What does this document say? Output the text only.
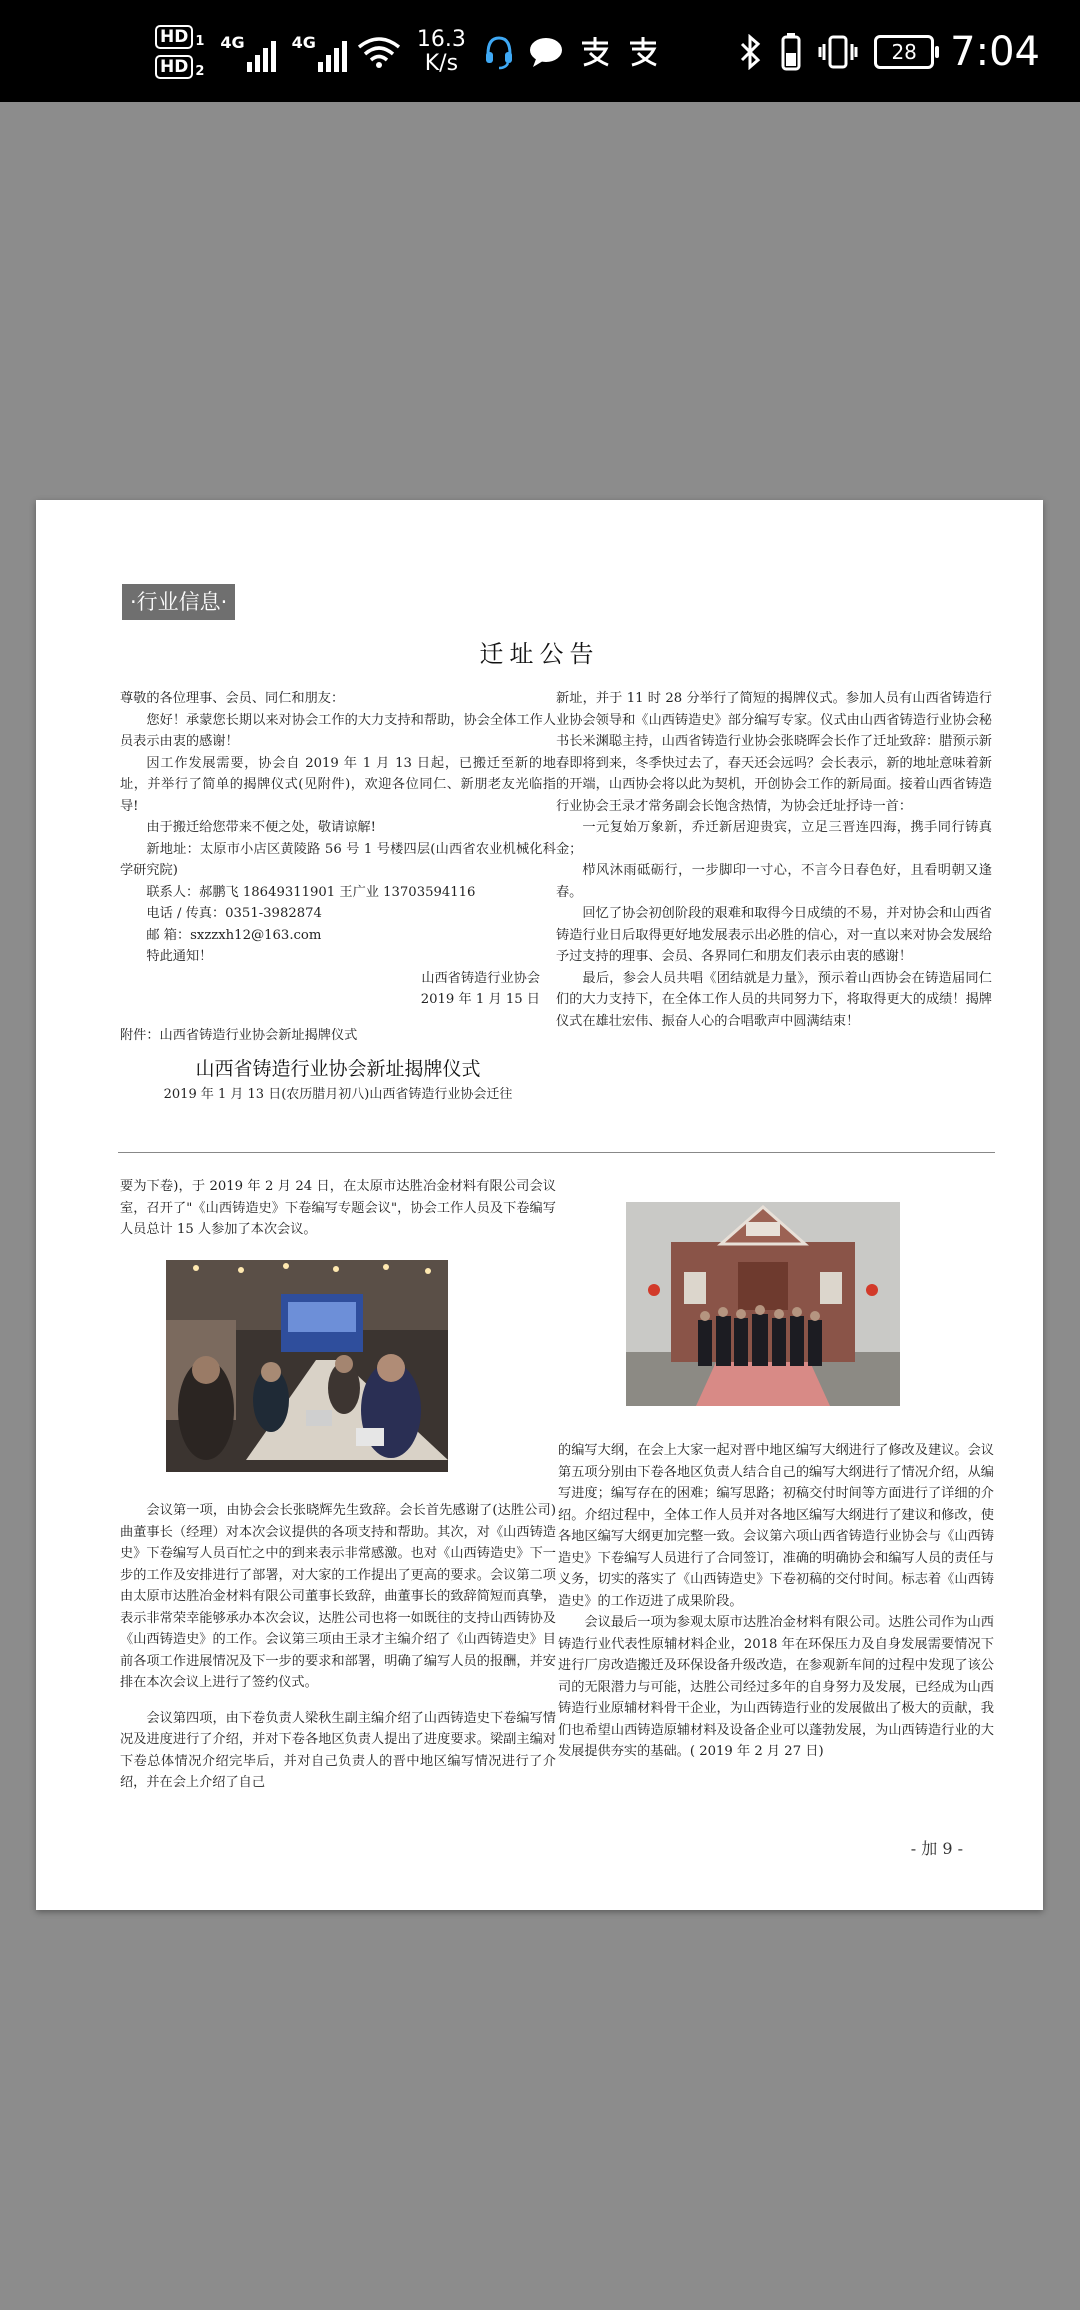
HD 1
HD 2
4G	4G	16.3
K/s	28 7:04
·行业信息·
迁址公告

尊敬的各位理事、会员、同仁和朋友：

您好！承蒙您长期以来对协会工作的大力支持和帮助，协会全体工作人员表示由衷的感谢！

因工作发展需要，协会自 2019 年 1 月 13 日起，已搬迁至新的地址，并举行了简单的揭牌仪式(见附件)，欢迎各位同仁、新朋老友光临指导!

由于搬迁给您带来不便之处，敬请谅解!

新地址：太原市小店区黄陵路 56 号 1 号楼四层(山西省农业机械化科学研究院)

联系人：郝鹏飞 18649311901 王广业 13703594116

电话 / 传真：0351-3982874

邮 箱：sxzzxh12@163.com

特此通知！

山西省铸造行业协会

2019 年 1 月 15 日

附件：山西省铸造行业协会新址揭牌仪式

山西省铸造行业协会新址揭牌仪式

2019 年 1 月 13 日(农历腊月初八)山西省铸造行业协会迁往

新址，并于 11 时 28 分举行了简短的揭牌仪式。参加人员有山西省铸造行业协会领导和《山西铸造史》部分编写专家。仪式由山西省铸造行业协会秘书长米渊聪主持，山西省铸造行业协会张晓晖会长作了迁址致辞：腊预示新春即将到来，冬季快过去了，春天还会远吗？会长表示，新的地址意味着新的开端，山西协会将以此为契机，开创协会工作的新局面。接着山西省铸造行业协会王录才常务副会长饱含热情，为协会迁址抒诗一首：

一元复始万象新，乔迁新居迎贵宾，立足三晋连四海，携手同行铸真金；

栉风沐雨砥砺行，一步脚印一寸心，不言今日春色好，且看明朝又逢春。

回忆了协会初创阶段的艰难和取得今日成绩的不易，并对协会和山西省铸造行业日后取得更好地发展表示出必胜的信心，对一直以来对协会发展给予过支持的理事、会员、各界同仁和朋友们表示由衷的感谢！

最后，参会人员共唱《团结就是力量》，预示着山西协会在铸造届同仁们的大力支持下，在全体工作人员的共同努力下，将取得更大的成绩！揭牌仪式在雄壮宏伟、振奋人心的合唱歌声中圆满结束！

要为下卷)，于 2019 年 2 月 24 日，在太原市达胜冶金材料有限公司会议室，召开了"《山西铸造史》下卷编写专题会议"，协会工作人员及下卷编写人员总计 15 人参加了本次会议。

会议第一项，由协会会长张晓辉先生致辞。会长首先感谢了(达胜公司)曲董事长（经理）对本次会议提供的各项支持和帮助。其次，对《山西铸造史》下卷编写人员百忙之中的到来表示非常感激。也对《山西铸造史》下一步的工作及安排进行了部署，对大家的工作提出了更高的要求。会议第二项由太原市达胜冶金材料有限公司董事长致辞，曲董事长的致辞简短而真挚，表示非常荣幸能够承办本次会议，达胜公司也将一如既往的支持山西铸协及《山西铸造史》的工作。会议第三项由王录才主编介绍了《山西铸造史》目前各项工作进展情况及下一步的要求和部署，明确了编写人员的报酬，并安排在本次会议上进行了签约仪式。

会议第四项，由下卷负责人梁秋生副主编介绍了山西铸造史下卷编写情况及进度进行了介绍，并对下卷各地区负责人提出了进度要求。梁副主编对下卷总体情况介绍完毕后，并对自己负责人的晋中地区编写情况进行了介绍，并在会上介绍了自己

的编写大纲，在会上大家一起对晋中地区编写大纲进行了修改及建议。会议第五项分别由下卷各地区负责人结合自己的编写大纲进行了情况介绍，从编写进度；编写存在的困难；编写思路；初稿交付时间等方面进行了详细的介绍。介绍过程中，全体工作人员并对各地区编写大纲进行了建议和修改，使各地区编写大纲更加完整一致。会议第六项山西省铸造行业协会与《山西铸造史》下卷编写人员进行了合同签订，准确的明确协会和编写人员的责任与义务，切实的落实了《山西铸造史》下卷初稿的交付时间。标志着《山西铸造史》的工作迈进了成果阶段。

会议最后一项为参观太原市达胜冶金材料有限公司。达胜公司作为山西铸造行业代表性原辅材料企业，2018 年在环保压力及自身发展需要情况下进行厂房改造搬迁及环保设备升级改造，在参观新车间的过程中发现了该公司的无限潜力与可能，达胜公司经过多年的自身努力及发展，已经成为山西铸造行业原辅材料骨干企业，为山西铸造行业的发展做出了极大的贡献，我们也希望山西铸造原辅材料及设备企业可以蓬勃发展，为山西铸造行业的大发展提供夯实的基础。( 2019 年 2 月 27 日)

- 加 9 -
